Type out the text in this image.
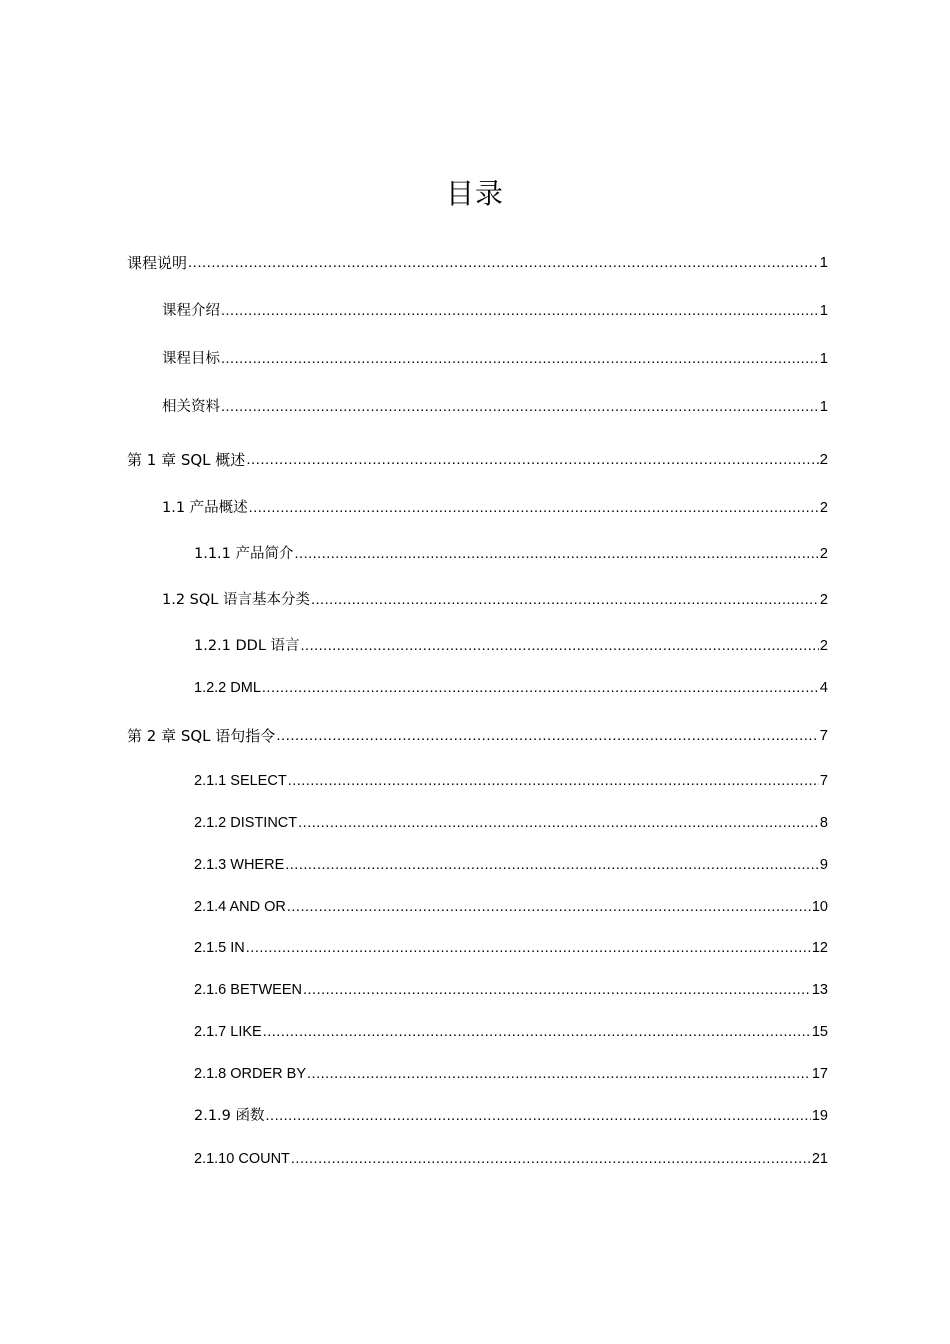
目录
课程说明 .....	1
课程介绍 .....	1
课程目标 .....	1
相关资料 .....	1
第 1 章 SQL 概述 .....	2
1.1 产品概述 .....	2
1.1.1 产品简介 .....	2
1.2 SQL 语言基本分类 .....	2
1.2.1 DDL 语言 .....	2
1.2.2 DML .....	4
第 2 章 SQL 语句指令 .....	7
2.1.1 SELECT .....	7
2.1.2 DISTINCT .....	8
2.1.3 WHERE .....	9
2.1.4 AND OR .....	10
2.1.5 IN .....	12
2.1.6 BETWEEN .....	13
2.1.7 LIKE .....	15
2.1.8 ORDER BY .....	17
2.1.9 函数 .....	19
2.1.10 COUNT .....	21
